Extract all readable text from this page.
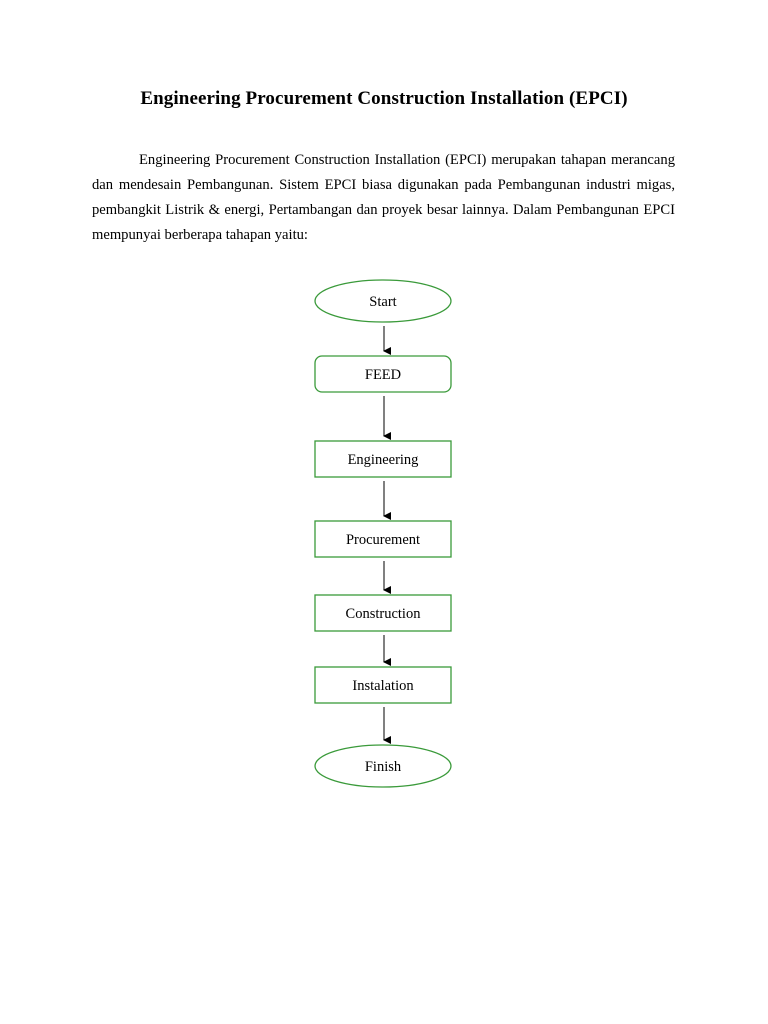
Engineering Procurement Construction Installation (EPCI)

Engineering Procurement Construction Installation (EPCI) merupakan tahapan merancang dan mendesain Pembangunan. Sistem EPCI biasa digunakan pada Pembangunan industri migas, pembangkit Listrik & energi, Pertambangan dan proyek besar lainnya. Dalam Pembangunan EPCI mempunyai berberapa tahapan yaitu:

Start
FEED
Engineering
Procurement
Construction
Instalation
Finish
